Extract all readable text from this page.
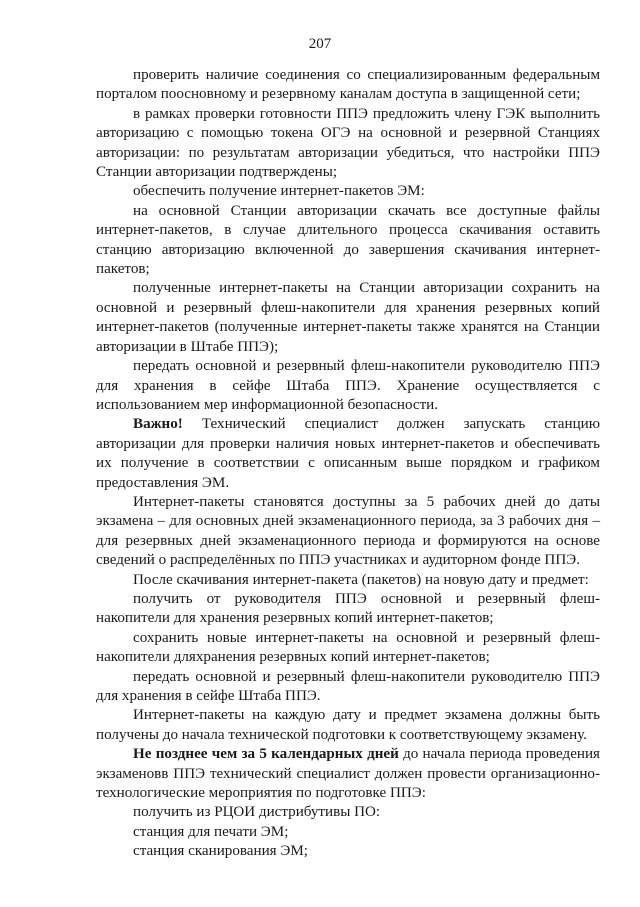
207

проверить наличие соединения со специализированным федеральным порталом поосновному и резервному каналам доступа в защищенной сети;

в рамках проверки готовности ППЭ предложить члену ГЭК выполнить авторизацию с помощью токена ОГЭ на основной и резервной Станциях авторизации: по результатам авторизации убедиться, что настройки ППЭ Станции авторизации подтверждены;

обеспечить получение интернет-пакетов ЭМ:

на основной Станции авторизации скачать все доступные файлы интернет-пакетов, в случае длительного процесса скачивания оставить станцию авторизацию включенной до завершения скачивания интернет-пакетов;

полученные интернет-пакеты на Станции авторизации сохранить на основной и резервный флеш-накопители для хранения резервных копий интернет-пакетов (полученные интернет-пакеты также хранятся на Станции авторизации в Штабе ППЭ);

передать основной и резервный флеш-накопители руководителю ППЭ для хранения в сейфе Штаба ППЭ. Хранение осуществляется с использованием мер информационной безопасности.

Важно! Технический специалист должен запускать станцию авторизации для проверки наличия новых интернет-пакетов и обеспечивать их получение в соответствии с описанным выше порядком и графиком предоставления ЭМ.

Интернет-пакеты становятся доступны за 5 рабочих дней до даты экзамена – для основных дней экзаменационного периода, за 3 рабочих дня – для резервных дней экзаменационного периода и формируются на основе сведений о распределённых по ППЭ участниках и аудиторном фонде ППЭ.

После скачивания интернет-пакета (пакетов) на новую дату и предмет:

получить от руководителя ППЭ основной и резервный флеш-накопители для хранения резервных копий интернет-пакетов;

сохранить новые интернет-пакеты на основной и резервный флеш-накопители дляхранения резервных копий интернет-пакетов;

передать основной и резервный флеш-накопители руководителю ППЭ для хранения в сейфе Штаба ППЭ.

Интернет-пакеты на каждую дату и предмет экзамена должны быть получены до начала технической подготовки к соответствующему экзамену.

Не позднее чем за 5 календарных дней до начала периода проведения экзаменовв ППЭ технический специалист должен провести организационно-технологические мероприятия по подготовке ППЭ:

получить из РЦОИ дистрибутивы ПО:

станция для печати ЭМ;

станция сканирования ЭМ;
